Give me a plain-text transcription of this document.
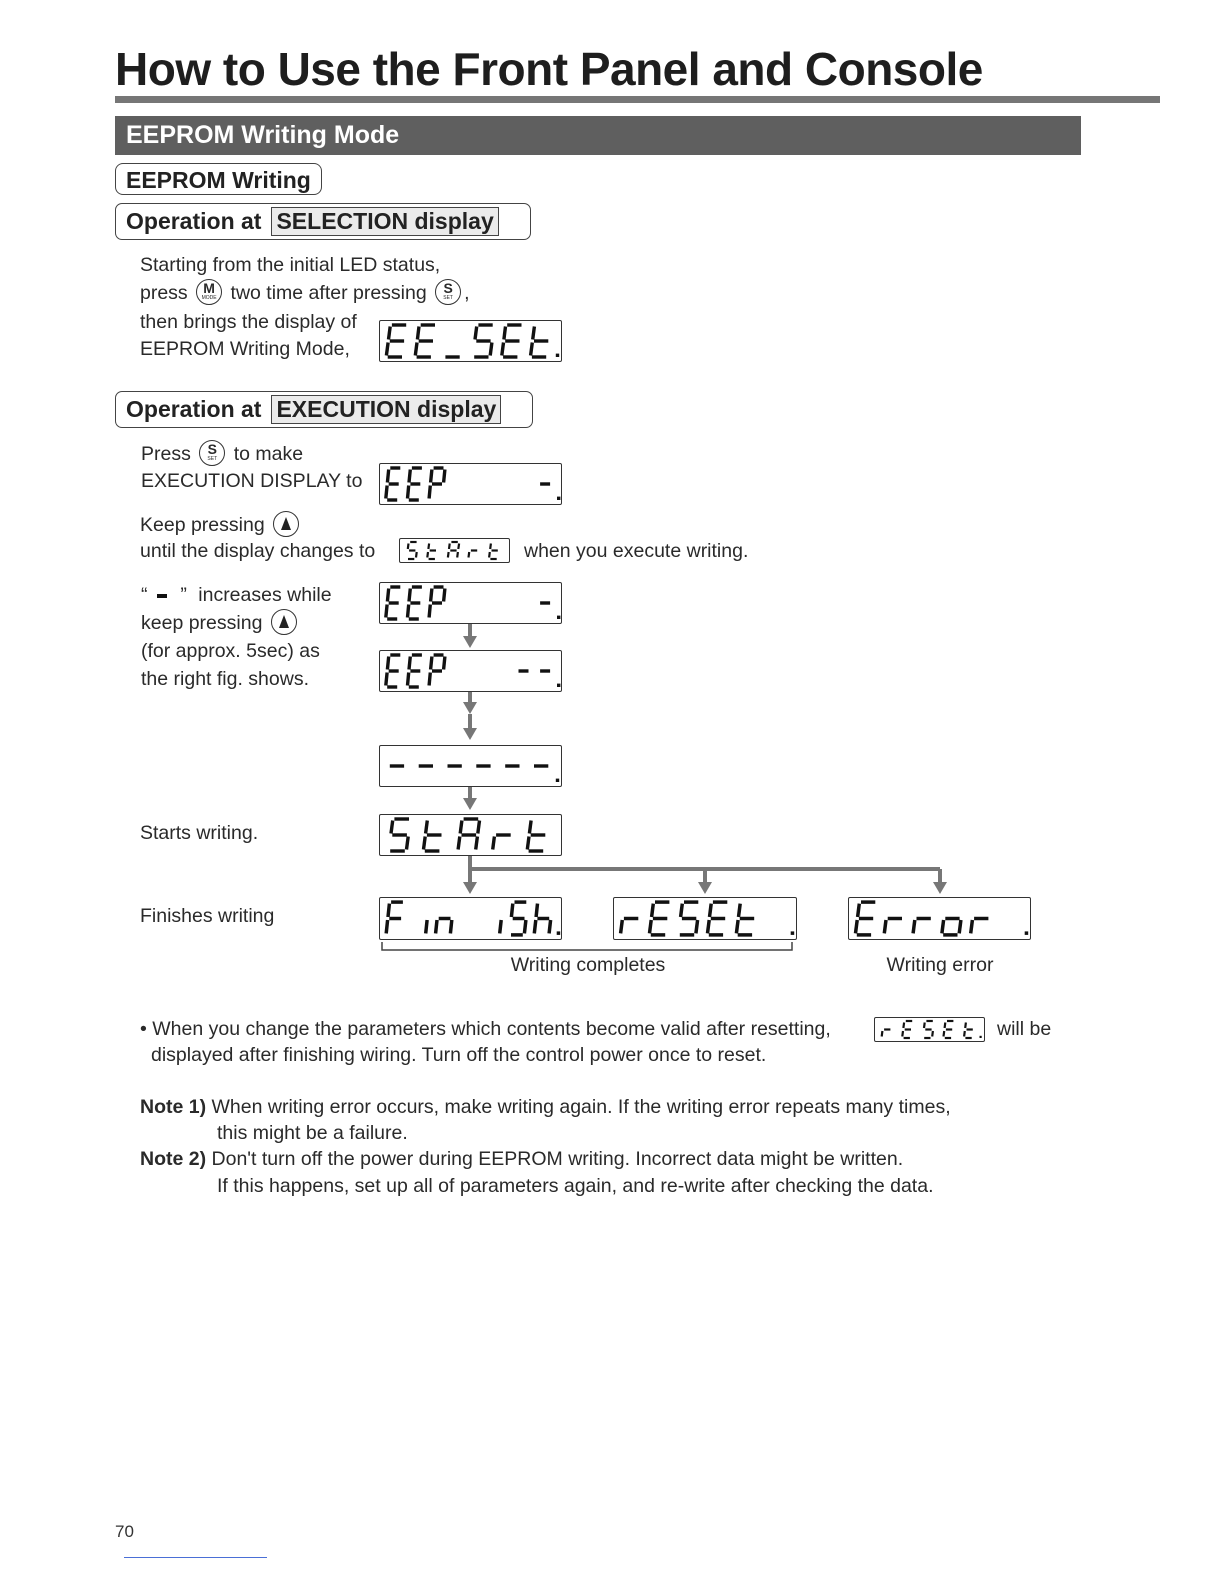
How to Use the Front Panel and Console
EEPROM Writing Mode
EEPROM Writing
Operation at SELECTION display
Starting from the initial LED status,
press	M
MODE two time after pressing	S
SET ,
then brings the display of
EEPROM Writing Mode,
Operation at EXECUTION display
Press	S
SET to make
EXECUTION DISPLAY to
Keep pressing
until the display changes to	when you execute writing.
“ ” increases while
keep pressing
(for approx. 5sec) as
the right fig. shows.
Starts writing.
Finishes writing
Writing completes	Writing error
• When you change the parameters which contents become valid after resetting,	will be
displayed after finishing wiring. Turn off the control power once to reset.
Note 1) When writing error occurs, make writing again. If the writing error repeats many times,
this might be a failure.
Note 2) Don't turn off the power during EEPROM writing. Incorrect data might be written.
If this happens, set up all of parameters again, and re-write after checking the data.
70
